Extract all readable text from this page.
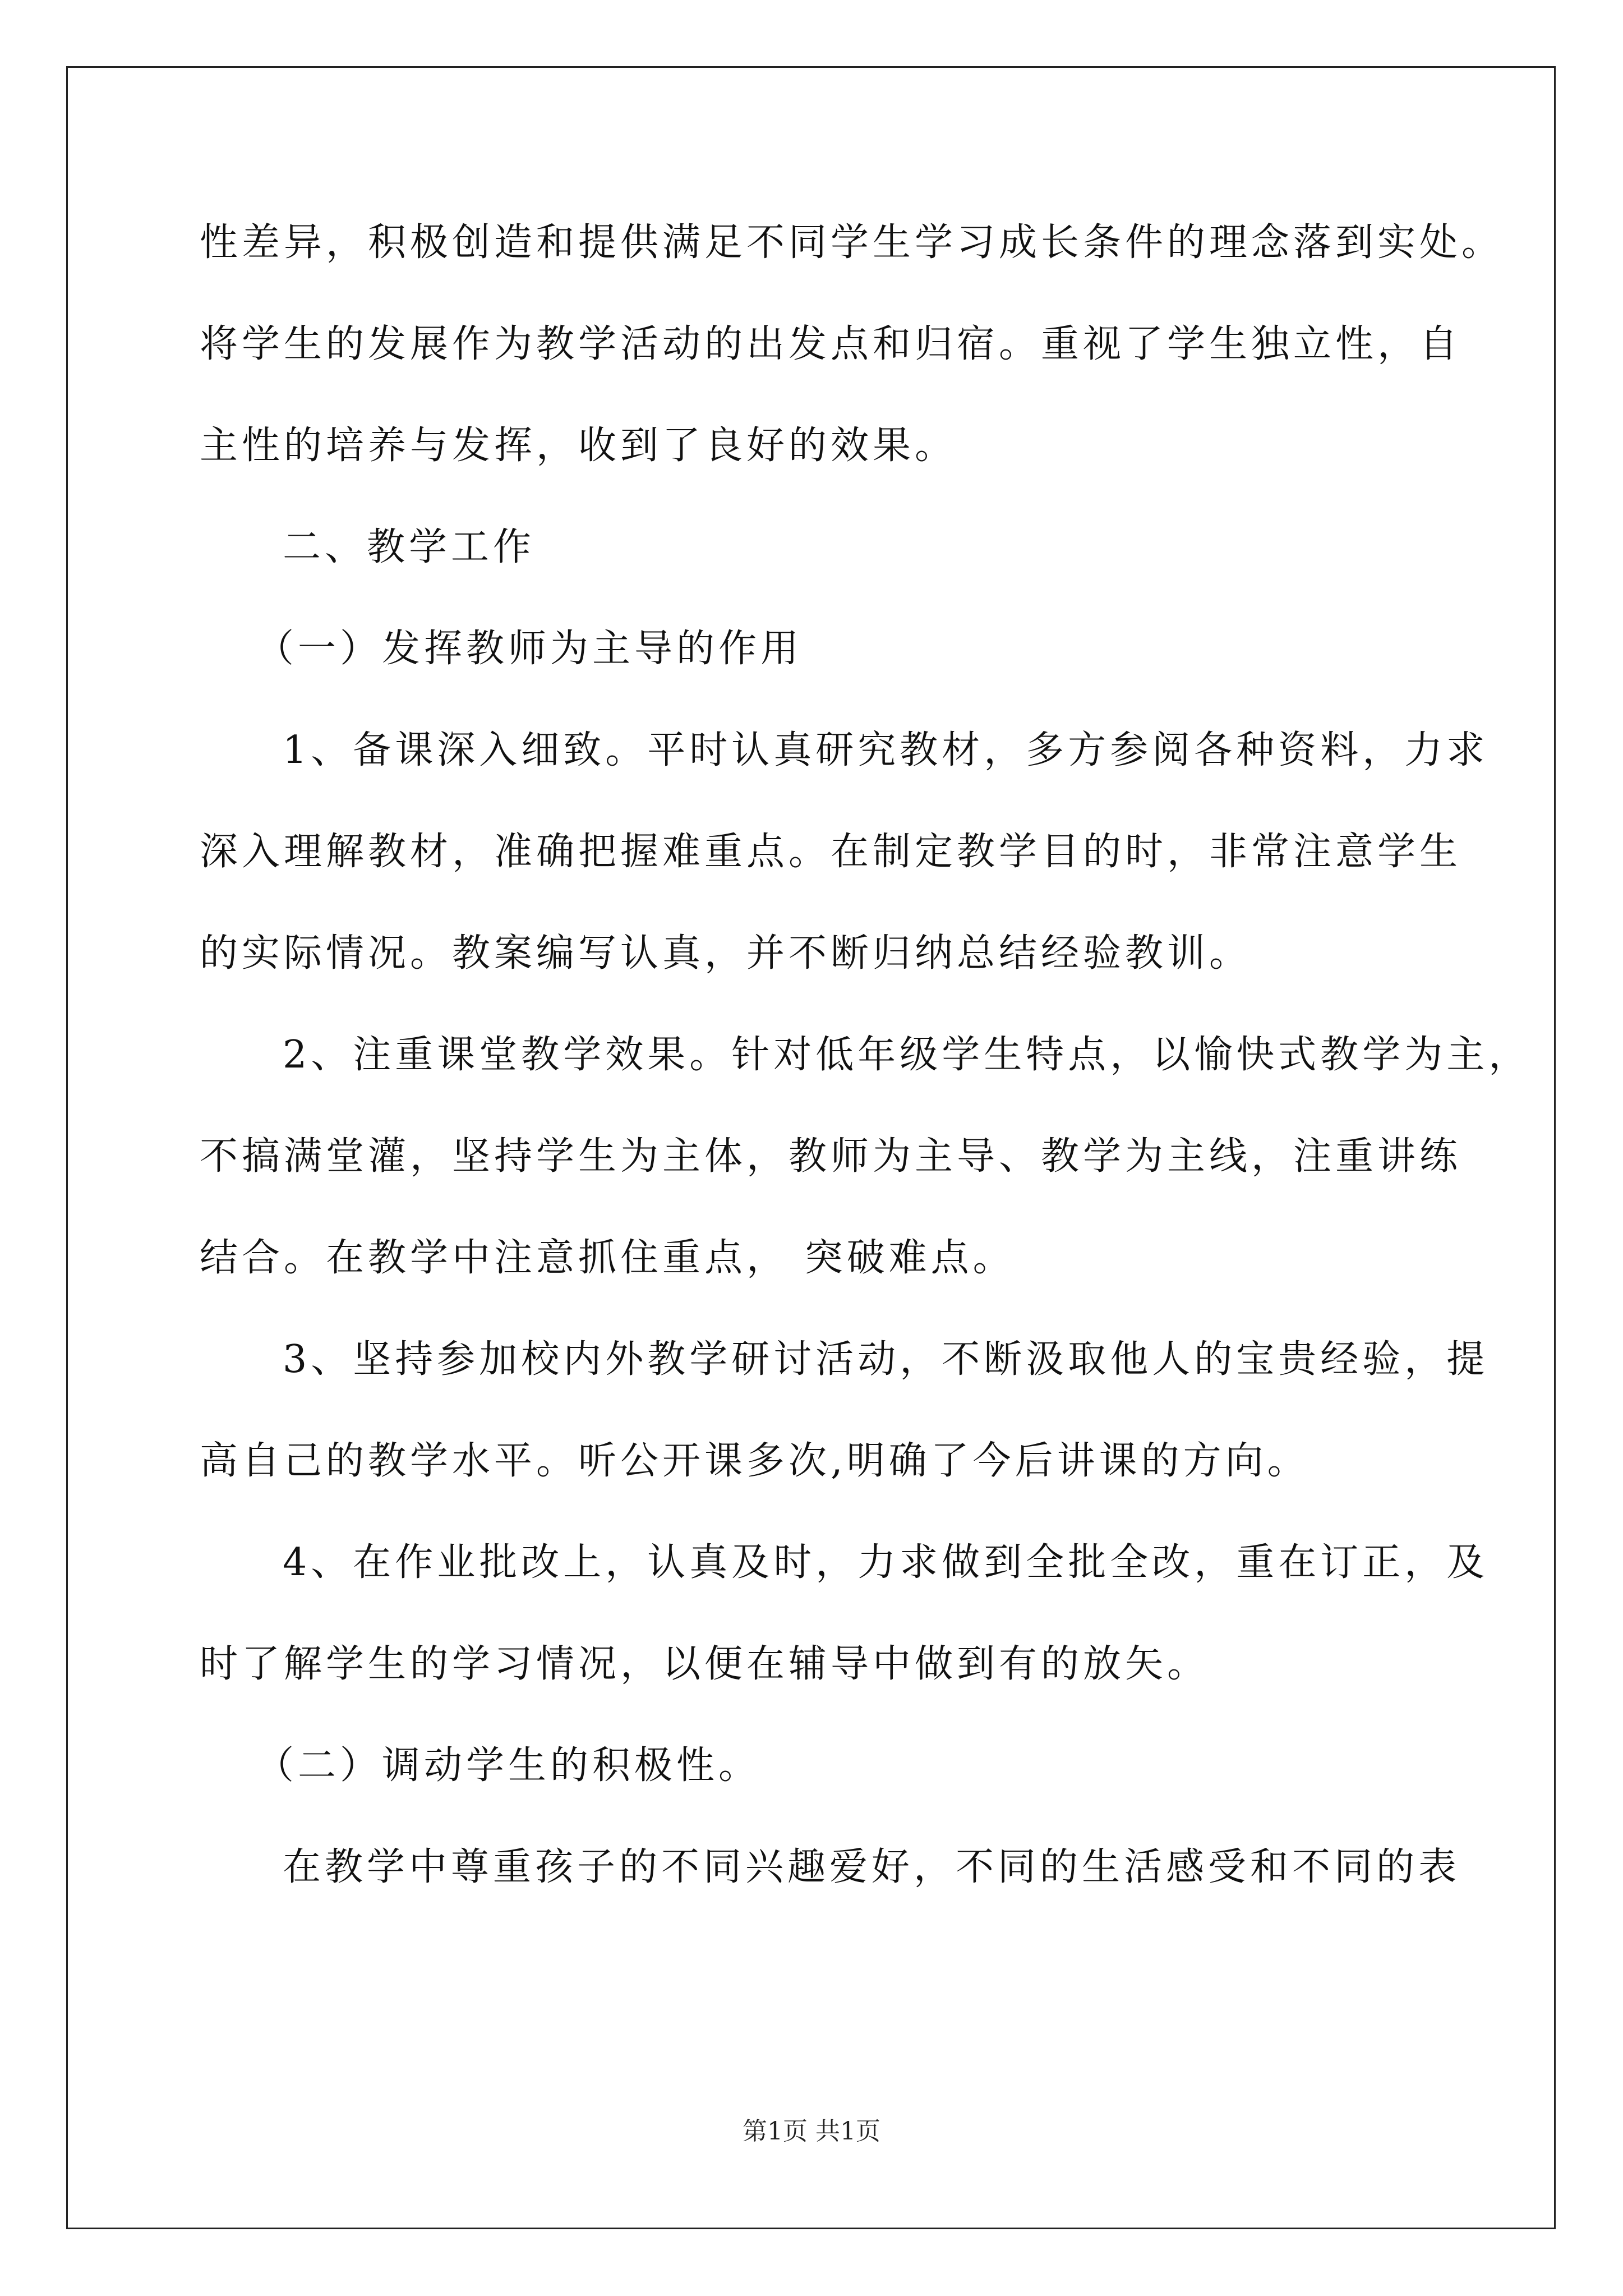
性差异，积极创造和提供满足不同学生学习成长条件的理念落到实处。
将学生的发展作为教学活动的出发点和归宿。重视了学生独立性，自
主性的培养与发挥，收到了良好的效果。
二、教学工作
（一）发挥教师为主导的作用
1、备课深入细致。平时认真研究教材，多方参阅各种资料，力求
深入理解教材，准确把握难重点。在制定教学目的时，非常注意学生
的实际情况。教案编写认真，并不断归纳总结经验教训。
2、注重课堂教学效果。针对低年级学生特点，以愉快式教学为主，
不搞满堂灌，坚持学生为主体，教师为主导、教学为主线，注重讲练
结合。在教学中注意抓住重点， 突破难点。
3、坚持参加校内外教学研讨活动，不断汲取他人的宝贵经验，提
高自己的教学水平。听公开课多次,明确了今后讲课的方向。
4、在作业批改上，认真及时，力求做到全批全改，重在订正，及
时了解学生的学习情况，以便在辅导中做到有的放矢。
（二）调动学生的积极性。
在教学中尊重孩子的不同兴趣爱好，不同的生活感受和不同的表
第1页 共1页
